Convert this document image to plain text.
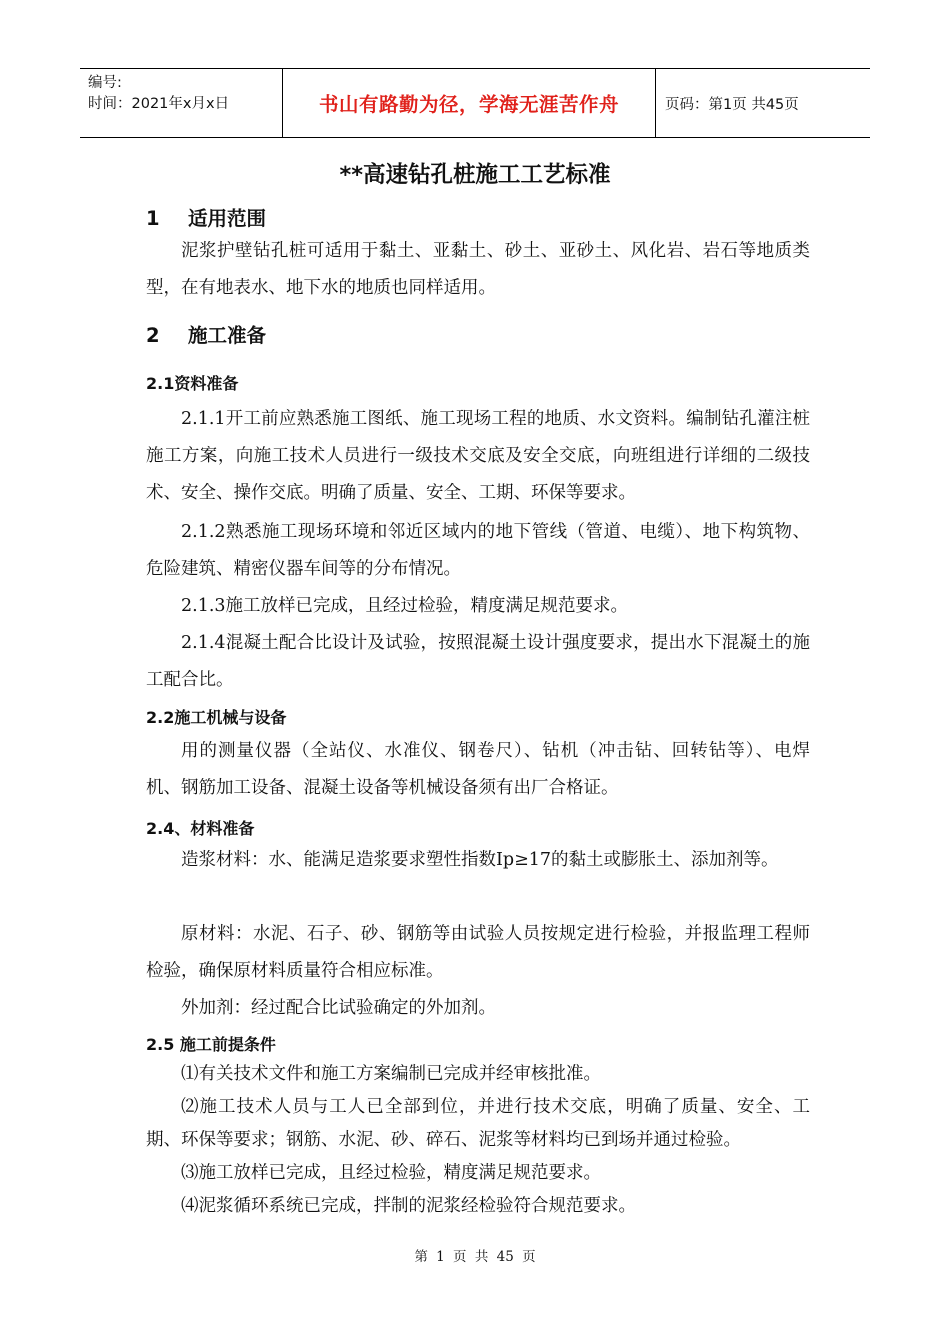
编号:
时间：2021年x月x日	书山有路勤为径，学海无涯苦作舟	页码：第1页 共45页
**高速钻孔桩施工工艺标准
1 适用范围
泥浆护壁钻孔桩可适用于黏土、亚黏土、砂土、亚砂土、风化岩、岩石等地质类型，在有地表水、地下水的地质也同样适用。
2 施工准备
2.1资料准备
2.1.1开工前应熟悉施工图纸、施工现场工程的地质、水文资料。编制钻孔灌注桩施工方案，向施工技术人员进行一级技术交底及安全交底，向班组进行详细的二级技术、安全、操作交底。明确了质量、安全、工期、环保等要求。
2.1.2熟悉施工现场环境和邻近区域内的地下管线（管道、电缆）、地下构筑物、危险建筑、精密仪器车间等的分布情况。
2.1.3施工放样已完成，且经过检验，精度满足规范要求。
2.1.4混凝土配合比设计及试验，按照混凝土设计强度要求，提出水下混凝土的施工配合比。
2.2施工机械与设备
用的测量仪器（全站仪、水准仪、钢卷尺）、钻机（冲击钻、回转钻等）、电焊机、钢筋加工设备、混凝土设备等机械设备须有出厂合格证。
2.4、材料准备
造浆材料：水、能满足造浆要求塑性指数Ip≥17的黏土或膨胀土、添加剂等。
原材料：水泥、石子、砂、钢筋等由试验人员按规定进行检验，并报监理工程师检验，确保原材料质量符合相应标准。
外加剂：经过配合比试验确定的外加剂。
2.5 施工前提条件
⑴有关技术文件和施工方案编制已完成并经审核批准。
⑵施工技术人员与工人已全部到位，并进行技术交底，明确了质量、安全、工期、环保等要求；钢筋、水泥、砂、碎石、泥浆等材料均已到场并通过检验。
⑶施工放样已完成，且经过检验，精度满足规范要求。
⑷泥浆循环系统已完成，拌制的泥浆经检验符合规范要求。
第 1 页 共 45 页
